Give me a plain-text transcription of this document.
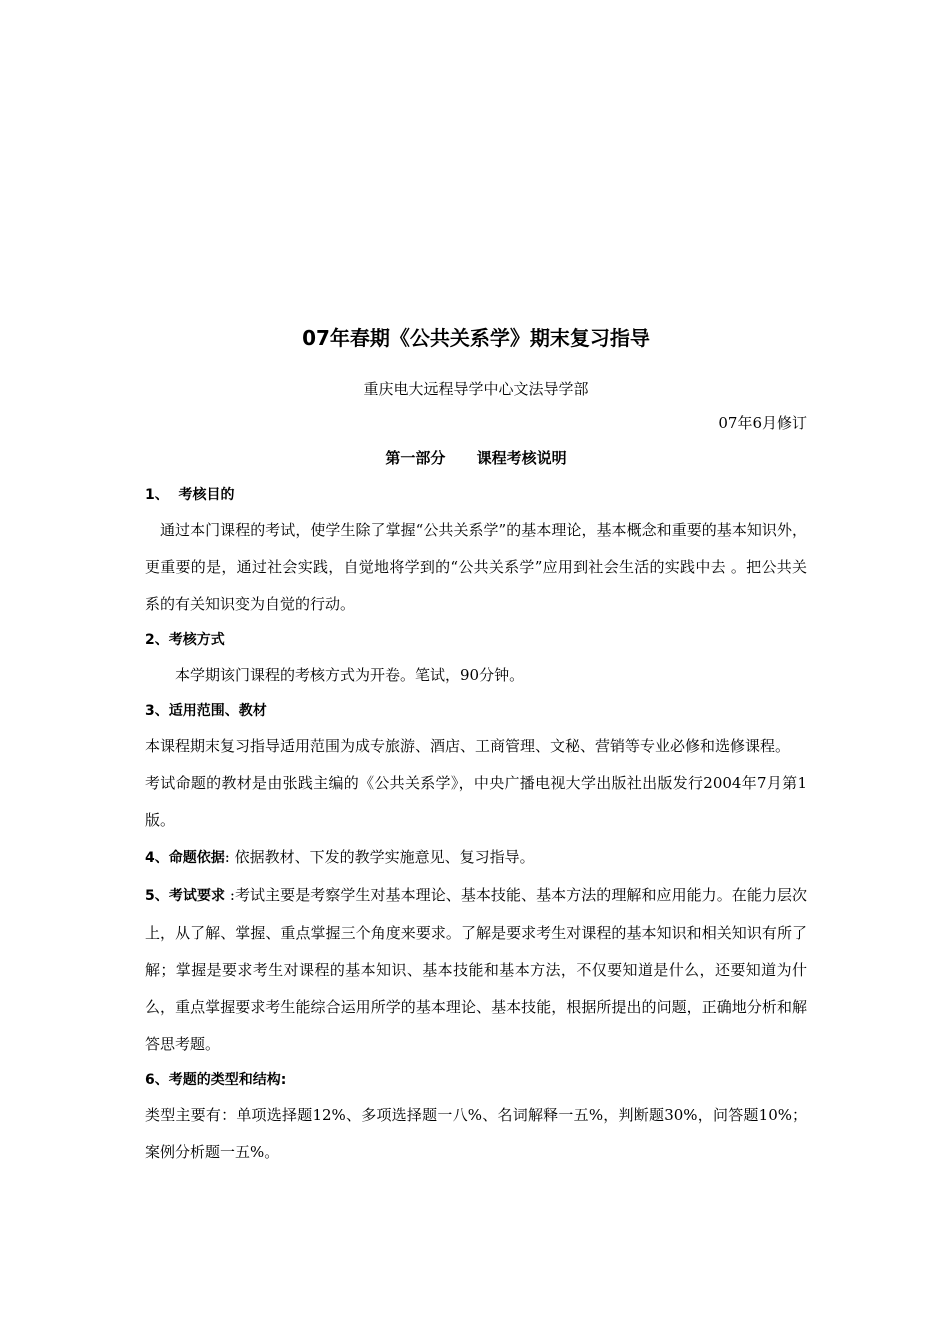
07年春期《公共关系学》期末复习指导
重庆电大远程导学中心文法导学部
07年6月修订
第一部分      课程考核说明
1、  考核目的

通过本门课程的考试，使学生除了掌握“公共关系学”的基本理论，基本概念和重要的基本知识外，更重要的是，通过社会实践，自觉地将学到的“公共关系学”应用到社会生活的实践中去 。把公共关系的有关知识变为自觉的行动。

2、考核方式

本学期该门课程的考核方式为开卷。笔试，90分钟。

3、适用范围、教材

本课程期末复习指导适用范围为成专旅游、酒店、工商管理、文秘、营销等专业必修和选修课程。

考试命题的教材是由张践主编的《公共关系学》，中央广播电视大学出版社出版发行2004年7月第1版。

4、命题依据: 依据教材、下发的教学实施意见、复习指导。

5、考试要求 :考试主要是考察学生对基本理论、基本技能、基本方法的理解和应用能力。在能力层次上，从了解、掌握、重点掌握三个角度来要求。了解是要求考生对课程的基本知识和相关知识有所了解；掌握是要求考生对课程的基本知识、基本技能和基本方法，不仅要知道是什么，还要知道为什么，重点掌握要求考生能综合运用所学的基本理论、基本技能，根据所提出的问题，正确地分析和解答思考题。

6、考题的类型和结构:

类型主要有：单项选择题12%、多项选择题一八%、名词解释一五%，判断题30%，问答题10%；案例分析题一五%。
